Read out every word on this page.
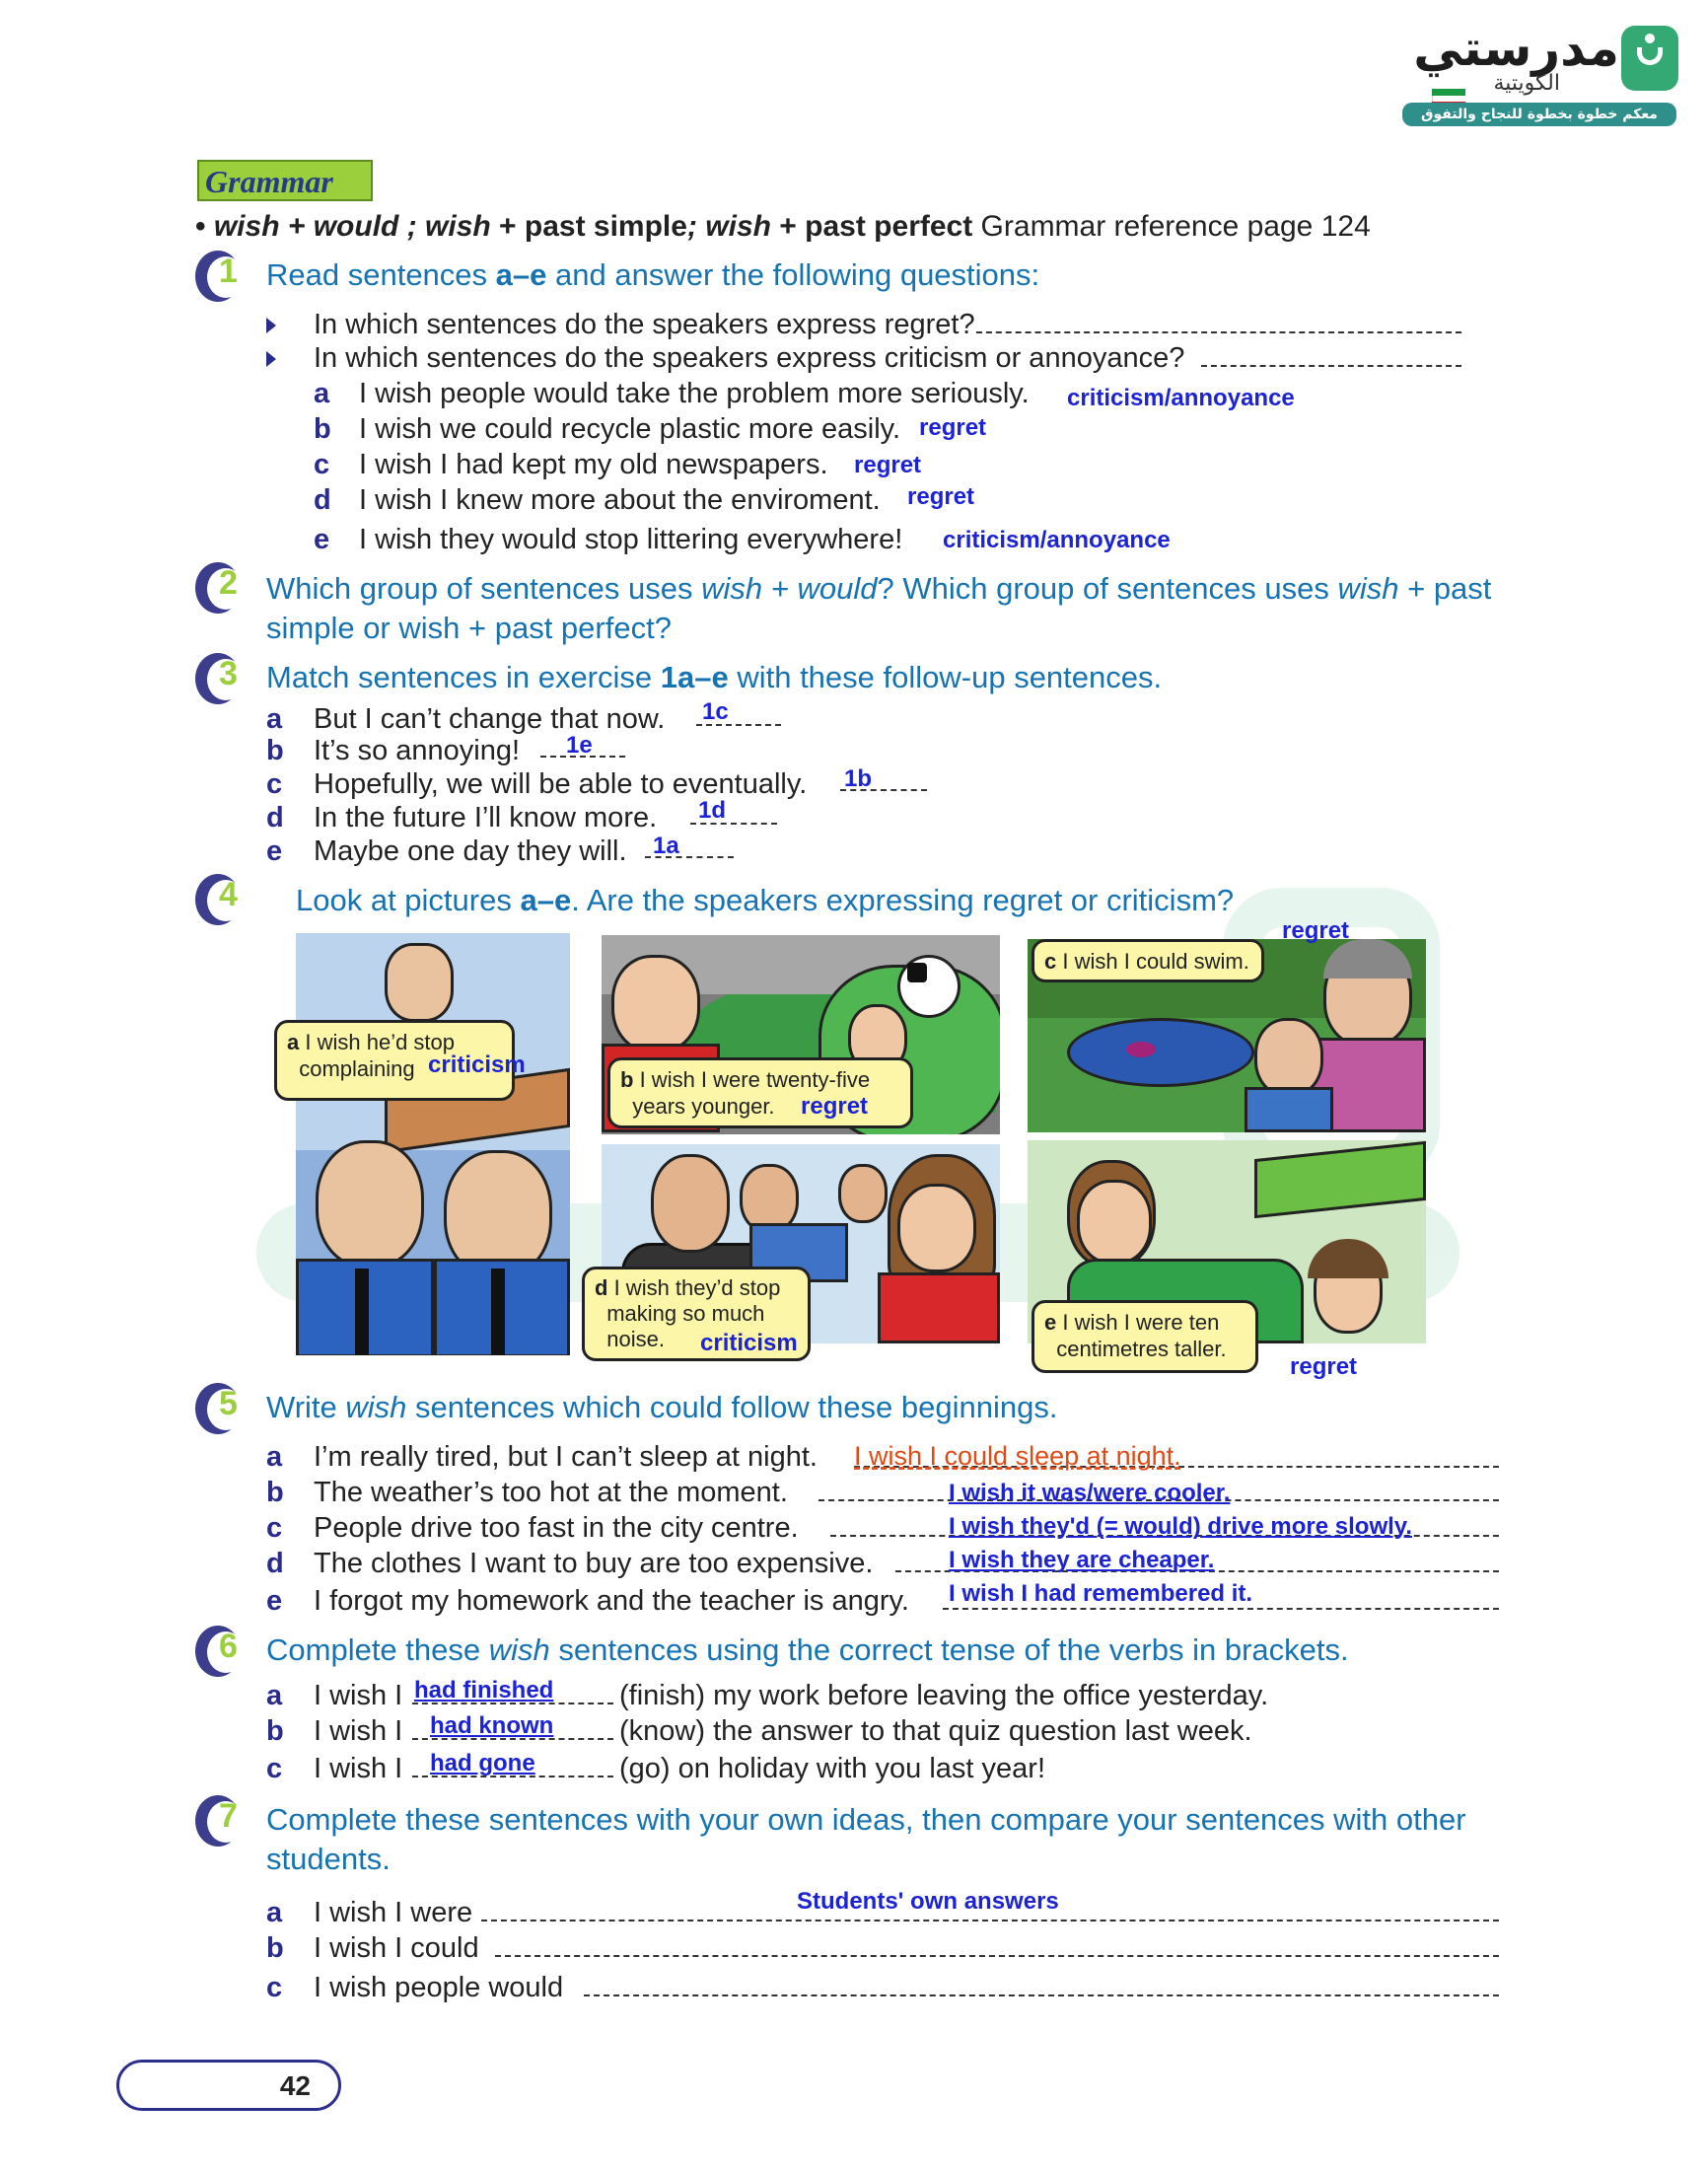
مدرستي
الكويتية
معكم خطوة بخطوة للنجاح والتفوق
Grammar
• wish + would ; wish + past simple; wish + past perfect Grammar reference page 124
1 Read sentences a–e and answer the following questions:
In which sentences do the speakers express regret?
In which sentences do the speakers express criticism or annoyance?
a I wish people would take the problem more seriously. criticism/annoyance
b I wish we could recycle plastic more easily. regret
c I wish I had kept my old newspapers. regret
d I wish I knew more about the enviroment. regret
e I wish they would stop littering everywhere! criticism/annoyance
2 Which group of sentences uses wish + would? Which group of sentences uses wish + past
simple or wish + past perfect?
3 Match sentences in exercise 1a–e with these follow-up sentences.
a But I can’t change that now. 1c
b It’s so annoying! 1e
c Hopefully, we will be able to eventually. 1b
d In the future I’ll know more. 1d
e Maybe one day they will. 1a
4 Look at pictures a–e. Are the speakers expressing regret or criticism?
a I wish he’d stop
complaining criticism
b I wish I were twenty-five
years younger.	regret
c I wish I could swim.
regret
d I wish they’d stop
making so much
noise.	criticism
e I wish I were ten
centimetres taller.
regret
5 Write wish sentences which could follow these beginnings.
a I’m really tired, but I can’t sleep at night. I wish I could sleep at night.
b The weather’s too hot at the moment.	I wish it was/were cooler.
c People drive too fast in the city centre.	I wish they'd (= would) drive more slowly.
d The clothes I want to buy are too expensive.	I wish they are cheaper.
e I forgot my homework and the teacher is angry. I wish I had remembered it.
6 Complete these wish sentences using the correct tense of the verbs in brackets.
a I wish I had finished (finish) my work before leaving the office yesterday.
b I wish I had known (know) the answer to that quiz question last week.
c I wish I had gone	(go) on holiday with you last year!
7 Complete these sentences with your own ideas, then compare your sentences with other
students.
Students' own answers
a I wish I were
b I wish I could
c I wish people would
42
